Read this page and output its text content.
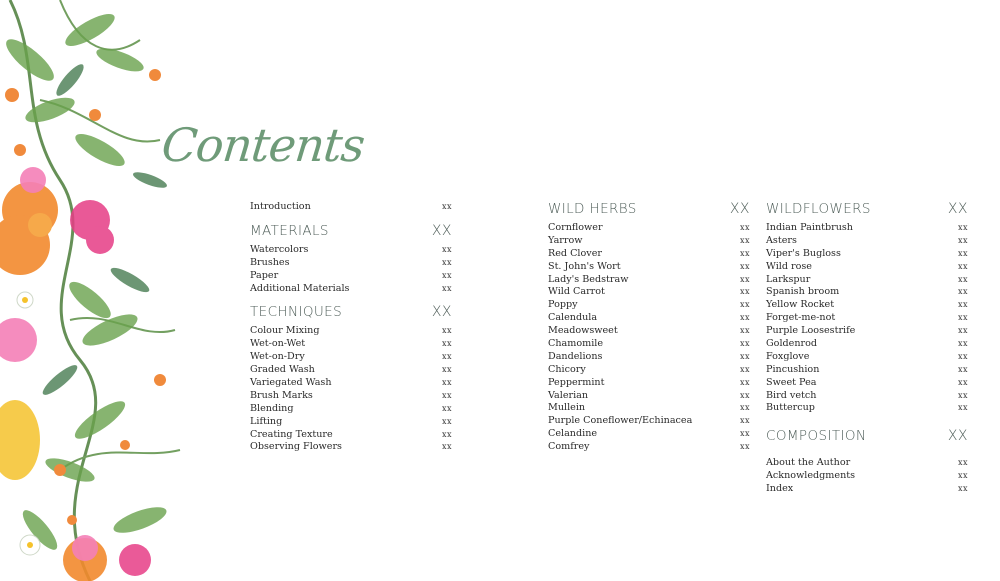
Contents
Introduction	xx
MATERIALS	XX
Watercolors	xx
Brushes	xx
Paper	xx
Additional Materials	xx
TECHNIQUES	XX
Colour Mixing	xx
Wet-on-Wet	xx
Wet-on-Dry	xx
Graded Wash	xx
Variegated Wash	xx
Brush Marks	xx
Blending	xx
Lifting	xx
Creating Texture	xx
Observing Flowers	xx
WILD HERBS	XX
Cornflower	xx
Yarrow	xx
Red Clover	xx
St. John's Wort	xx
Lady's Bedstraw	xx
Wild Carrot	xx
Poppy	xx
Calendula	xx
Meadowsweet	xx
Chamomile	xx
Dandelions	xx
Chicory	xx
Peppermint	xx
Valerian	xx
Mullein	xx
Purple Coneflower/Echinacea	xx
Celandine	xx
Comfrey	xx
WILDFLOWERS	XX
Indian Paintbrush	xx
Asters	xx
Viper's Bugloss	xx
Wild rose	xx
Larkspur	xx
Spanish broom	xx
Yellow Rocket	xx
Forget-me-not	xx
Purple Loosestrife	xx
Goldenrod	xx
Foxglove	xx
Pincushion	xx
Sweet Pea	xx
Bird vetch	xx
Buttercup	xx
COMPOSITION	XX
About the Author	xx
Acknowledgments	xx
Index	xx
